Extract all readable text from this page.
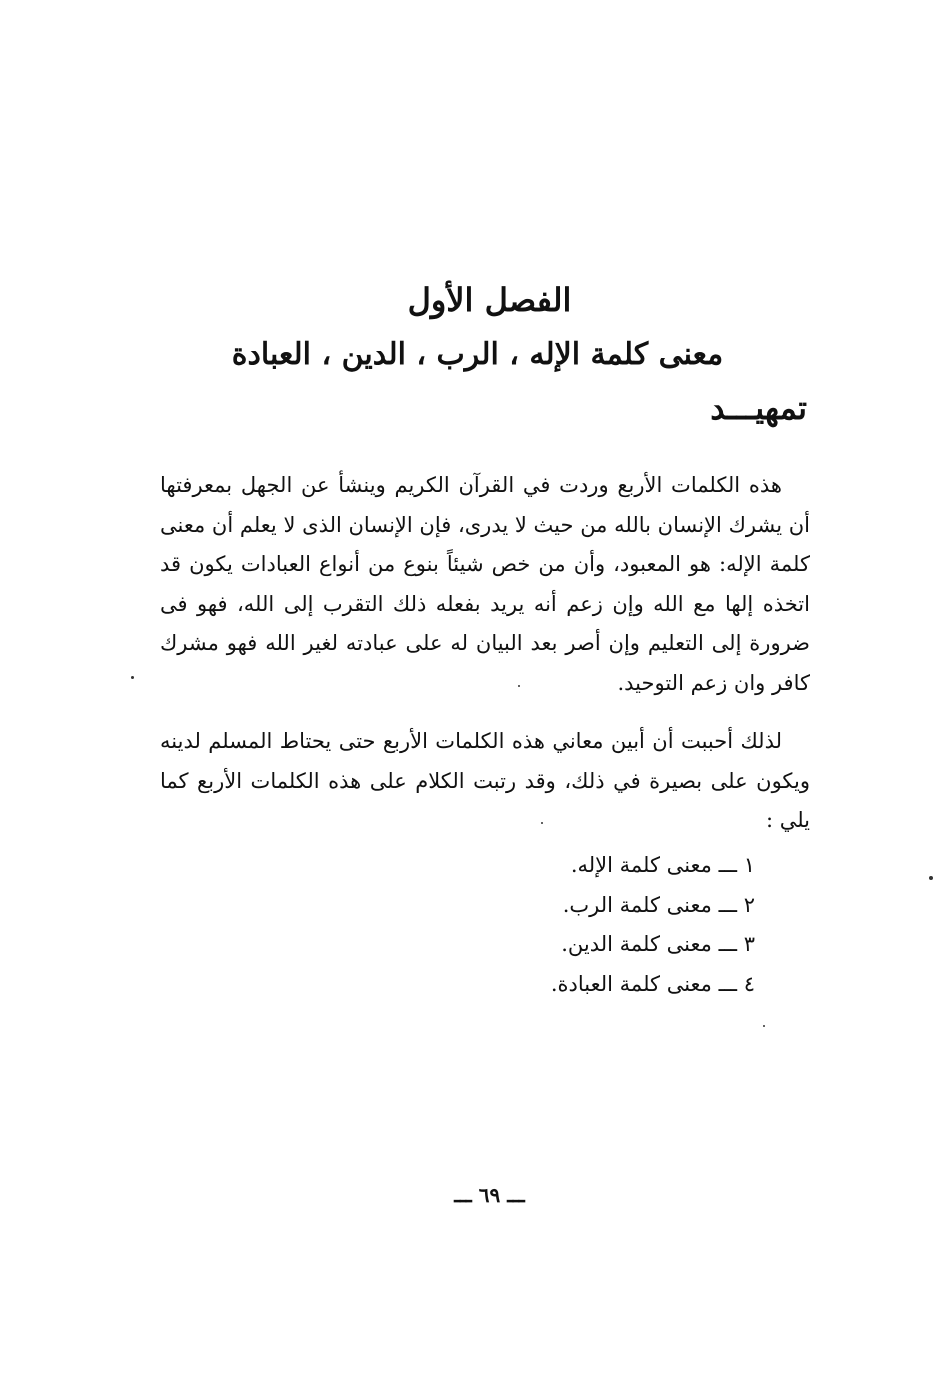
الفصل الأول
معنى كلمة الإله ، الرب ، الدين ، العبادة
تمهيـــد

هذه الكلمات الأربع وردت في القرآن الكريم وينشأ عن الجهل بمعرفتها أن يشرك الإنسان بالله من حيث لا يدرى، فإن الإنسان الذى لا يعلم أن معنى كلمة الإله: هو المعبود، وأن من خص شيئاً بنوع من أنواع العبادات يكون قد اتخذه إلها مع الله وإن زعم أنه يريد بفعله ذلك التقرب إلى الله، فهو فى ضرورة إلى التعليم وإن أصر بعد البيان له على عبادته لغير الله فهو مشرك كافر وان زعم التوحيد.

لذلك أحببت أن أبين معاني هذه الكلمات الأربع حتى يحتاط المسلم لدينه ويكون على بصيرة في ذلك، وقد رتبت الكلام على هذه الكلمات الأربع كما يلي :

١ ـــ معنى كلمة الإله.
٢ ـــ معنى كلمة الرب.
٣ ـــ معنى كلمة الدين.
٤ ـــ معنى كلمة العبادة.
ـــ ٦٩ ـــ
